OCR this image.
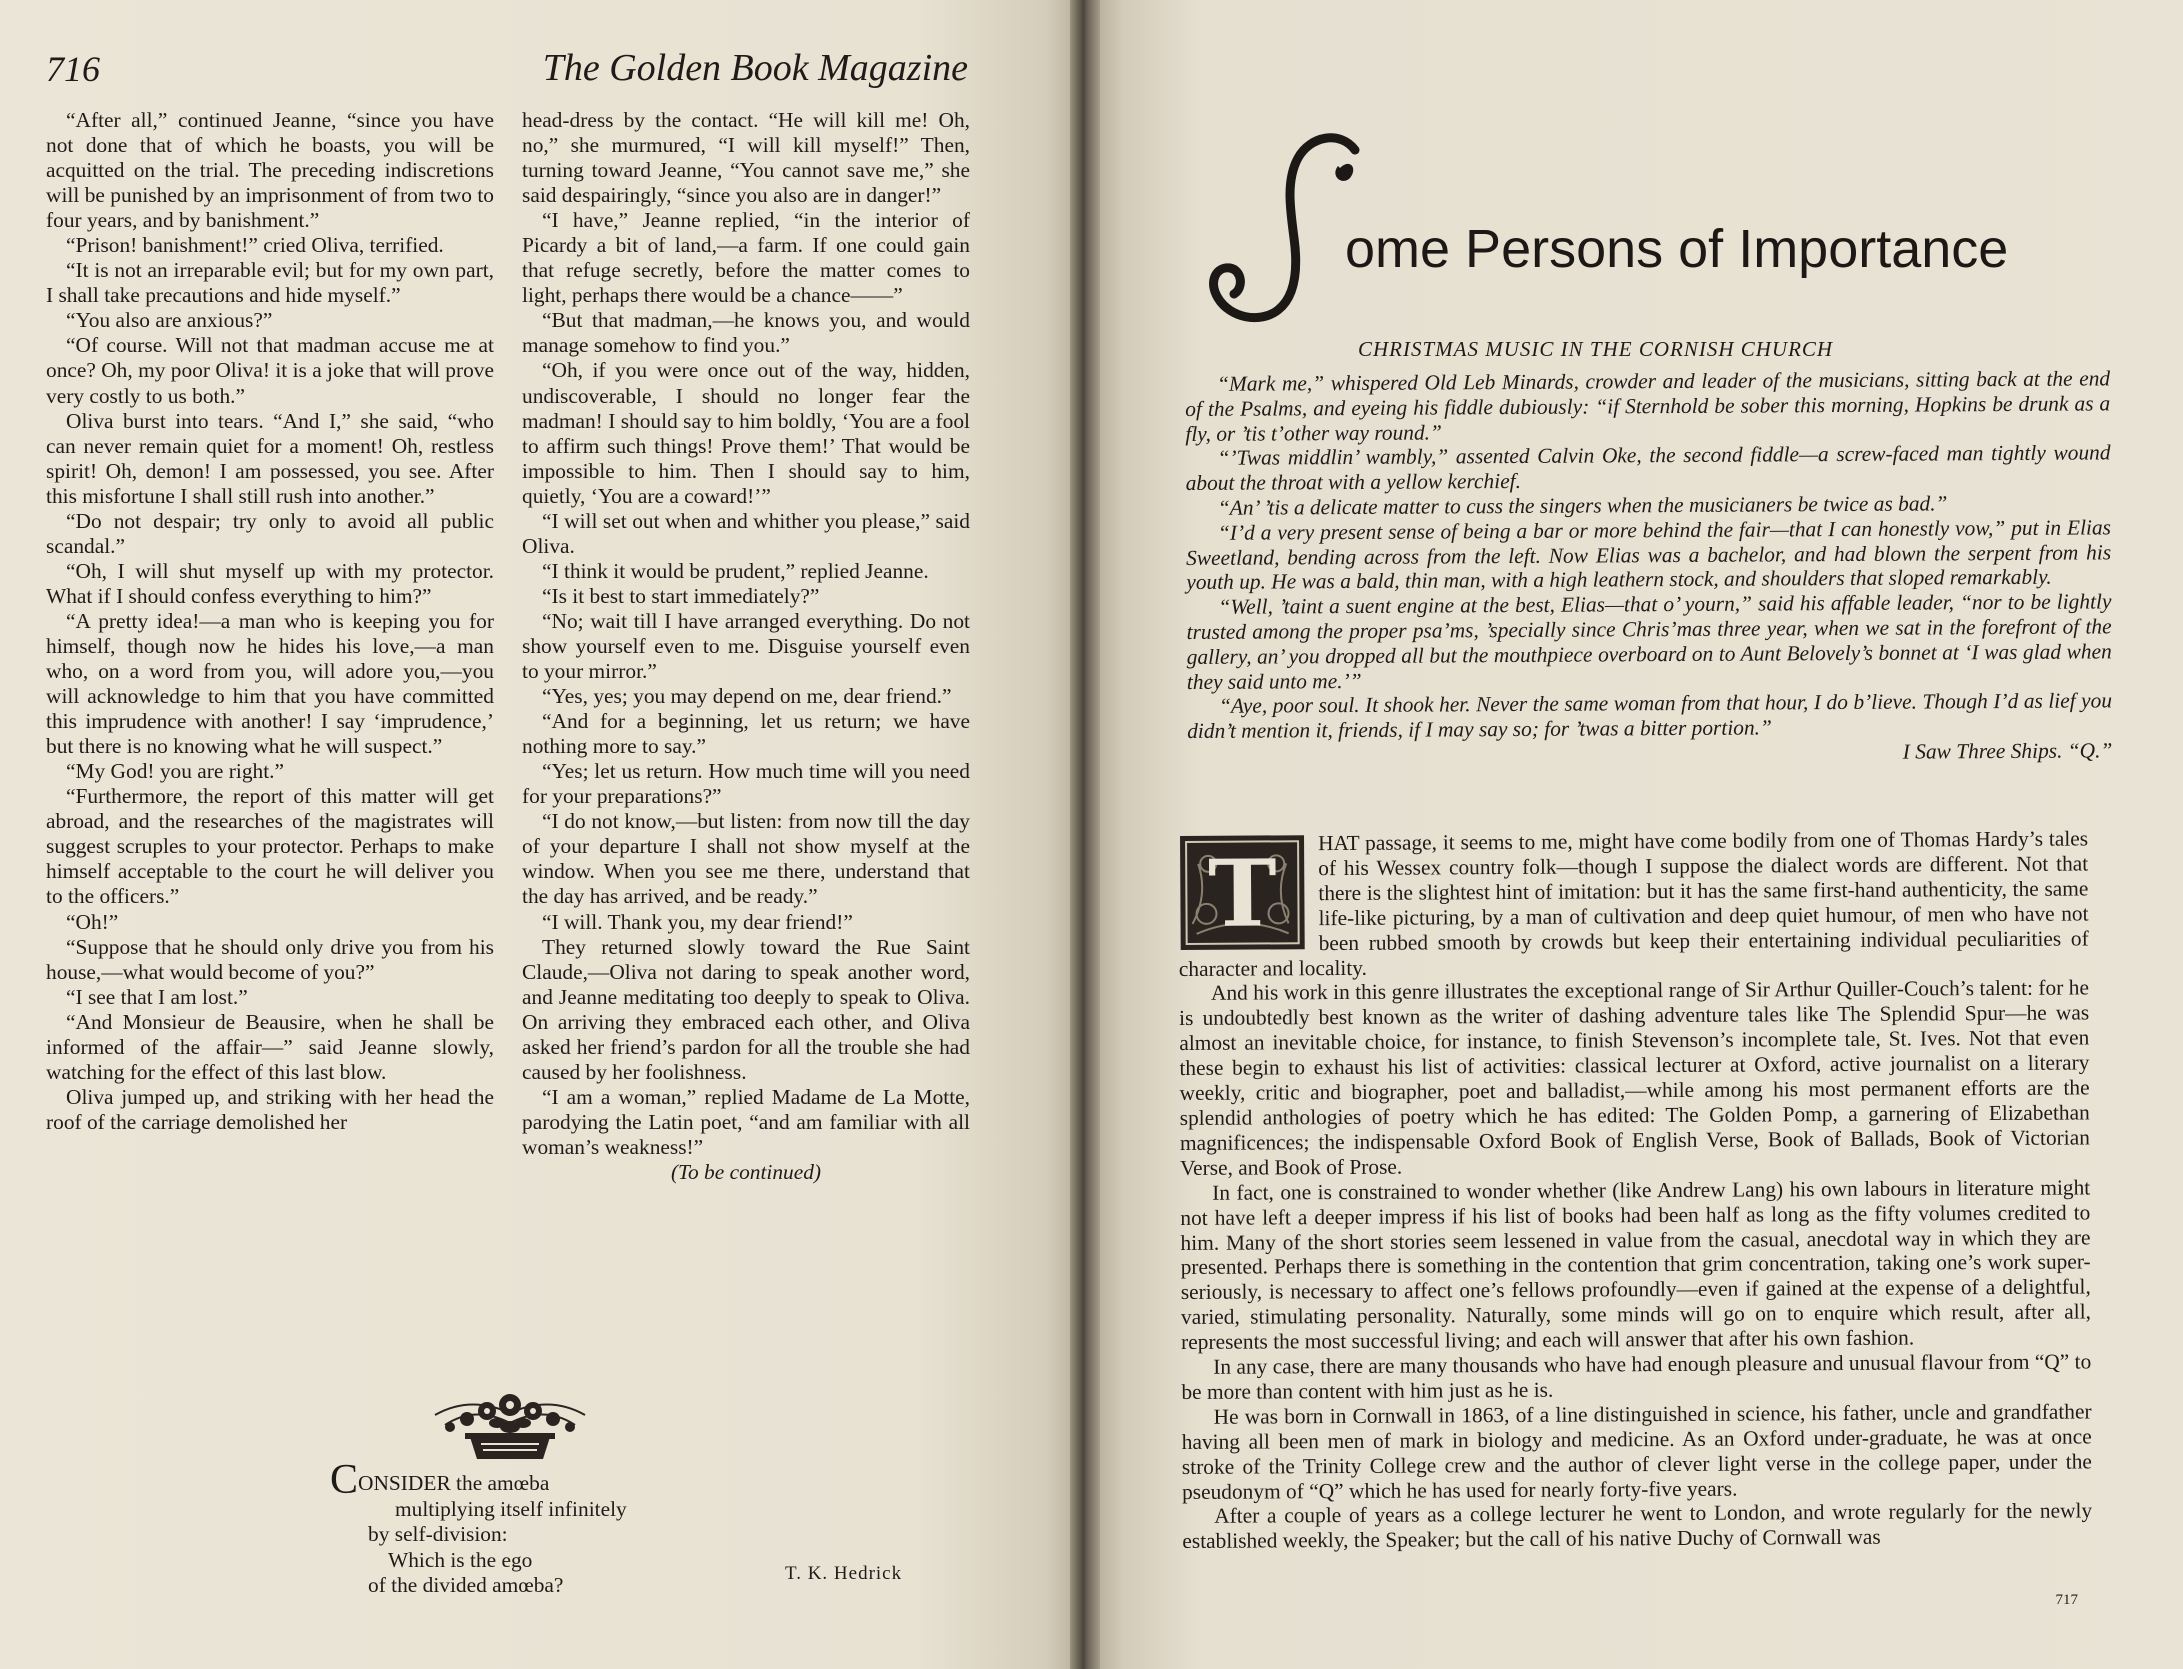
716	The Golden Book Magazine

“After all,” continued Jeanne, “since you have not done that of which he boasts, you will be acquitted on the trial. The preceding indiscretions will be punished by an imprisonment of from two to four years, and by banishment.”

“Prison! banishment!” cried Oliva, terrified.

“It is not an irreparable evil; but for my own part, I shall take precautions and hide myself.”

“You also are anxious?”

“Of course. Will not that madman accuse me at once? Oh, my poor Oliva! it is a joke that will prove very costly to us both.”

Oliva burst into tears. “And I,” she said, “who can never remain quiet for a moment! Oh, restless spirit! Oh, demon! I am possessed, you see. After this misfortune I shall still rush into another.”

“Do not despair; try only to avoid all public scandal.”

“Oh, I will shut myself up with my protector. What if I should confess everything to him?”

“A pretty idea!—a man who is keeping you for himself, though now he hides his love,—a man who, on a word from you, will adore you,—you will acknowledge to him that you have committed this imprudence with another! I say ‘imprudence,’ but there is no knowing what he will suspect.”

“My God! you are right.”

“Furthermore, the report of this matter will get abroad, and the researches of the magistrates will suggest scruples to your protector. Perhaps to make himself acceptable to the court he will deliver you to the officers.”

“Oh!”

“Suppose that he should only drive you from his house,—what would become of you?”

“I see that I am lost.”

“And Monsieur de Beausire, when he shall be informed of the affair—” said Jeanne slowly, watching for the effect of this last blow.

Oliva jumped up, and striking with her head the roof of the carriage demolished her

head-dress by the contact. “He will kill me! Oh, no,” she murmured, “I will kill myself!” Then, turning toward Jeanne, “You cannot save me,” she said despairingly, “since you also are in danger!”

“I have,” Jeanne replied, “in the interior of Picardy a bit of land,—a farm. If one could gain that refuge secretly, before the matter comes to light, perhaps there would be a chance——”

“But that madman,—he knows you, and would manage somehow to find you.”

“Oh, if you were once out of the way, hidden, undiscoverable, I should no longer fear the madman! I should say to him boldly, ‘You are a fool to affirm such things! Prove them!’ That would be impossible to him. Then I should say to him, quietly, ‘You are a coward!’”

“I will set out when and whither you please,” said Oliva.

“I think it would be prudent,” replied Jeanne.

“Is it best to start immediately?”

“No; wait till I have arranged everything. Do not show yourself even to me. Disguise yourself even to your mirror.”

“Yes, yes; you may depend on me, dear friend.”

“And for a beginning, let us return; we have nothing more to say.”

“Yes; let us return. How much time will you need for your preparations?”

“I do not know,—but listen: from now till the day of your departure I shall not show myself at the window. When you see me there, understand that the day has arrived, and be ready.”

“I will. Thank you, my dear friend!”

They returned slowly toward the Rue Saint Claude,—Oliva not daring to speak another word, and Jeanne meditating too deeply to speak to Oliva. On arriving they embraced each other, and Oliva asked her friend’s pardon for all the trouble she had caused by her foolishness.

“I am a woman,” replied Madame de La Motte, parodying the Latin poet, “and am familiar with all woman’s weakness!”

(To be continued)

CONSIDER the amœba
multiplying itself infinitely
by self-division:
Which is the ego
of the divided amœba?	T. K. Hedrick
S
ome Persons of Importance
CHRISTMAS MUSIC IN THE CORNISH CHURCH

“Mark me,” whispered Old Leb Minards, crowder and leader of the musicians, sitting back at the end of the Psalms, and eyeing his fiddle dubiously: “if Sternhold be sober this morning, Hopkins be drunk as a fly, or ’tis t’other way round.”

“’Twas middlin’ wambly,” assented Calvin Oke, the second fiddle—a screw-faced man tightly wound about the throat with a yellow kerchief.

“An’ ’tis a delicate matter to cuss the singers when the musicianers be twice as bad.”

“I’d a very present sense of being a bar or more behind the fair—that I can honestly vow,” put in Elias Sweetland, bending across from the left. Now Elias was a bachelor, and had blown the serpent from his youth up. He was a bald, thin man, with a high leathern stock, and shoulders that sloped remarkably.

“Well, ’taint a suent engine at the best, Elias—that o’ yourn,” said his affable leader, “nor to be lightly trusted among the proper psa’ms, ’specially since Chris’mas three year, when we sat in the forefront of the gallery, an’ you dropped all but the mouthpiece overboard on to Aunt Belovely’s bonnet at ‘I was glad when they said unto me.’”

“Aye, poor soul. It shook her. Never the same woman from that hour, I do b’lieve. Though I’d as lief you didn’t mention it, friends, if I may say so; for ’twas a bitter portion.”

I Saw Three Ships. “Q.”

T	HAT passage, it seems to me, might have come bodily from one of Thomas Hardy’s tales of his Wessex country folk—though I suppose the dialect words are different. Not that there is the slightest hint of imitation: but it has the same first-hand authenticity, the same life-like picturing, by a man of cultivation and deep quiet humour, of men who have not been rubbed smooth by crowds but keep their entertaining individual peculiarities of character and locality.

And his work in this genre illustrates the exceptional range of Sir Arthur Quiller-Couch’s talent: for he is undoubtedly best known as the writer of dashing adventure tales like The Splendid Spur—he was almost an inevitable choice, for instance, to finish Stevenson’s incomplete tale, St. Ives. Not that even these begin to exhaust his list of activities: classical lecturer at Oxford, active journalist on a literary weekly, critic and biographer, poet and balladist,—while among his most permanent efforts are the splendid anthologies of poetry which he has edited: The Golden Pomp, a garnering of Elizabethan magnificences; the indispensable Oxford Book of English Verse, Book of Ballads, Book of Victorian Verse, and Book of Prose.

In fact, one is constrained to wonder whether (like Andrew Lang) his own labours in literature might not have left a deeper impress if his list of books had been half as long as the fifty volumes credited to him. Many of the short stories seem lessened in value from the casual, anecdotal way in which they are presented. Perhaps there is something in the contention that grim concentration, taking one’s work super-seriously, is necessary to affect one’s fellows profoundly—even if gained at the expense of a delightful, varied, stimulating personality. Naturally, some minds will go on to enquire which result, after all, represents the most successful living; and each will answer that after his own fashion.

In any case, there are many thousands who have had enough pleasure and unusual flavour from “Q” to be more than content with him just as he is.

He was born in Cornwall in 1863, of a line distinguished in science, his father, uncle and grandfather having all been men of mark in biology and medicine. As an Oxford under-graduate, he was at once stroke of the Trinity College crew and the author of clever light verse in the college paper, under the pseudonym of “Q” which he has used for nearly forty-five years.

After a couple of years as a college lecturer he went to London, and wrote regularly for the newly established weekly, the Speaker; but the call of his native Duchy of Cornwall was

717
